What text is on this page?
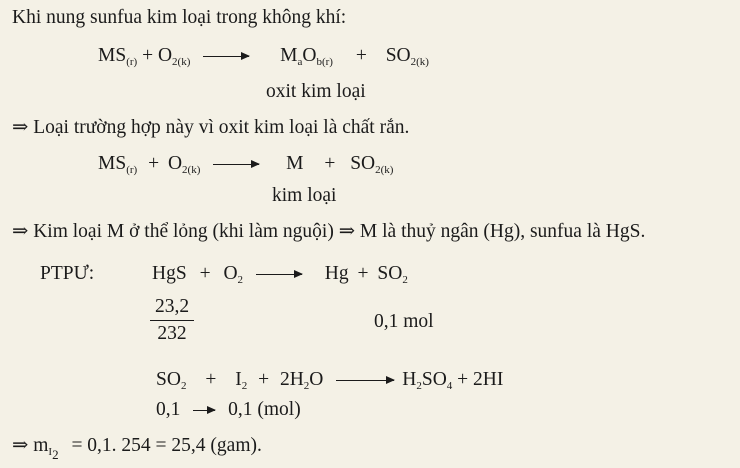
Khi nung sunfua kim loại trong không khí:
$MS_{(r)} + O_{2(k)} \to M_aO_{b(r)} + SO_{2(k)}$
oxit kim loại
⇒ Loại trường hợp này vì oxit kim loại là chất rắn.
$MS_{(r)} + O_{2(k)} \to M + SO_{2(k)}$
kim loại
⇒ Kim loại M ở thể lỏng (khi làm nguội) ⇒ M là thuỷ ngân (Hg), sunfua là HgS.
PTPƯ:	HgS + $O_2 \to Hg + SO_2$
23,2
232
0,1 mol
$SO_2 + I_2 + 2H_2O \to H_2SO_4 + 2HI$
0,1 0,1 (mol)
⇒ $m_{I2} = 0,1$. 254 = 25,4 (gam).
